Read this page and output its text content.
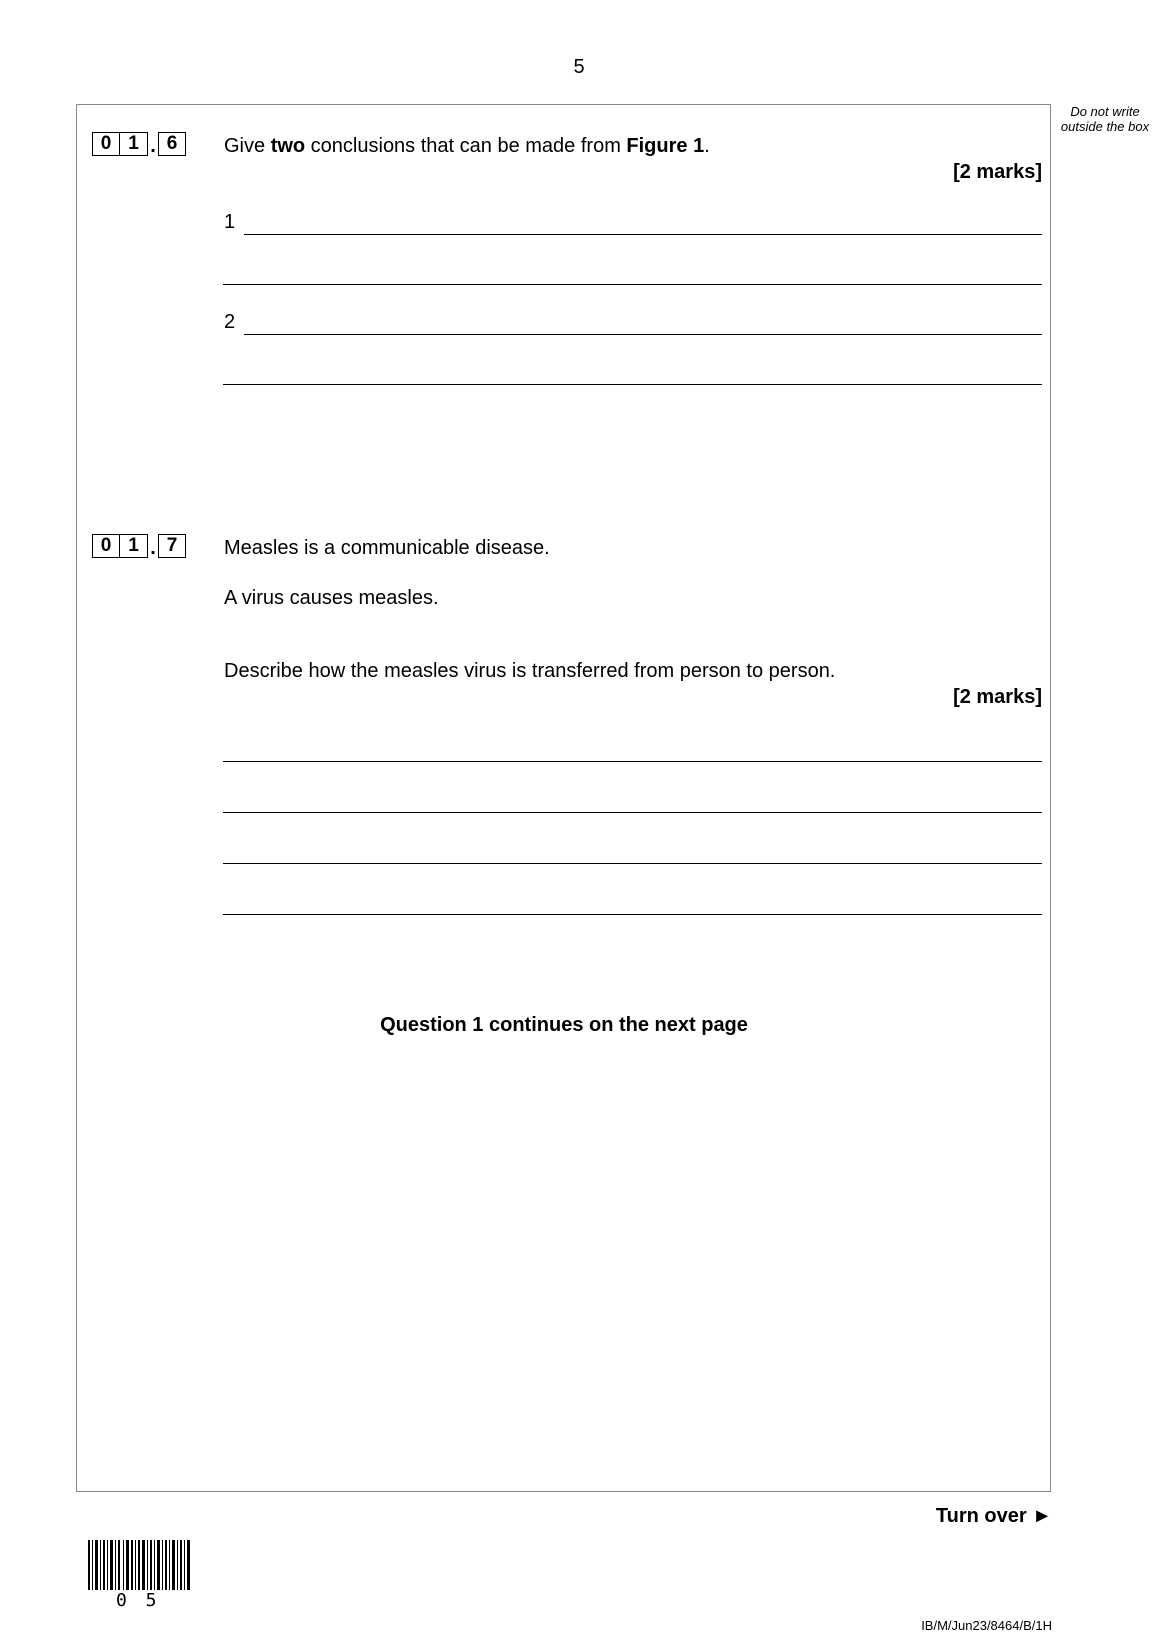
5
Do not write outside the box
0 1 . 6	Give two conclusions that can be made from Figure 1.
[2 marks]
1
2
0 1 . 7	Measles is a communicable disease.
A virus causes measles.
Describe how the measles virus is transferred from person to person.
[2 marks]
Question 1 continues on the next page
Turn over ►
0 5
IB/M/Jun23/8464/B/1H
